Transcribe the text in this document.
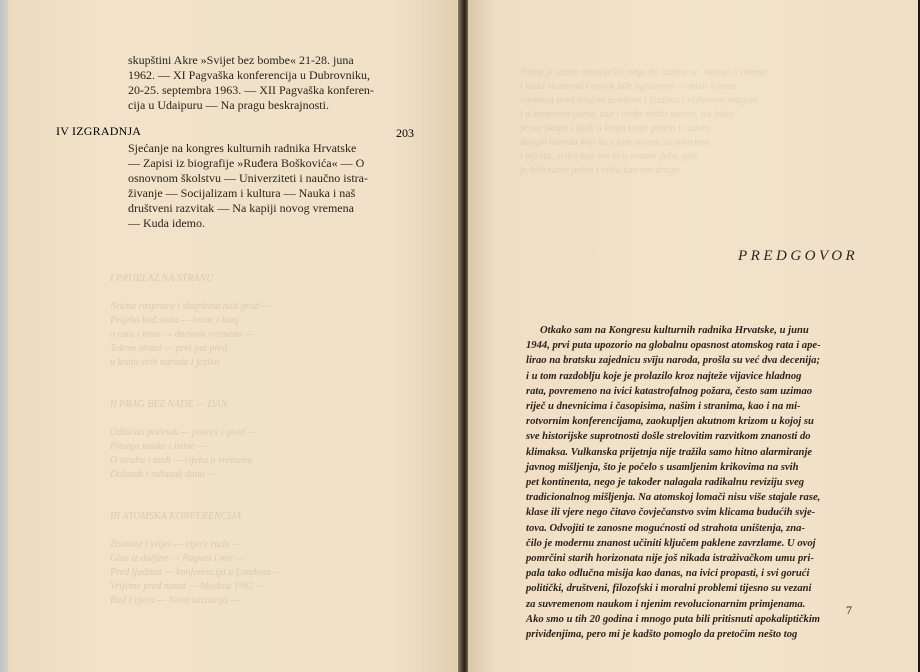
skupštini Akre »Svijet bez bombe« 21-28. juna
1962. — XI Pagvaška konferencija u Dubrovniku,
20-25. septembra 1963. — XII Pagvaška konferen-
cija u Udaipuru — Na pragu beskrajnosti.
IV IZGRADNJA	203
Sjećanje na kongres kulturnih radnika Hrvatske
— Zapisi iz biografije »Ruđera Boškovića« — O
osnovnom školstvu — Univerziteti i naučno istra-
živanje — Socijalizam i kultura — Nauka i naš
društveni razvitak — Na kapiji novog vremena
— Kuda idemo.
Treba je zaista nasmiješiti nego mi naziva se, mnogo o ovome
i kada su imena i uvijek bile uglavnom — misli o tome
vremena pred svojom zemljom i ljudima i njihovom snagom
i u konferencijama, sad i ovdje među sobom, tek kako
je sve skupa i ljudi u kraju svoje putem i radom
drugih naroda koji su u tom svijetu sa stvarima
i mjesta, svijet kao sve to u ovome dobu gdje
je bilo samo jedno i ništa kao sve drugo
PREDGOVOR
Otkako sam na Kongresu kulturnih radnika Hrvatske, u junu
1944, prvi puta upozorio na globalnu opasnost atomskog rata i ape-
lirao na bratsku zajednicu svīju naroda, prošla su već dva decenija;
i u tom razdoblju koje je prolazilo kroz najteže vijavice hladnog
rata, povremeno na ivici katastrofalnog požara, često sam uzimao
riječ u dnevnicima i časopisima, našim i stranima, kao i na mi-
rotvornim konferencijama, zaokupljen akutnom krizom u kojoj su
sve historijske suprotnosti došle strelovitim razvitkom znanosti do
klimaksa. Vulkanska prijetnja nije tražila samo hitno alarmiranje
javnog mišljenja, što je počelo s usamljenim krikovima na svih
pet kontinenta, nego je također nalagala radikalnu reviziju sveg
tradicionalnog mišljenja. Na atomskoj lomači nisu više stajale rase,
klase ili vjere nego čitavo čovječanstvo svim klicama budućih svje-
tova. Odvojiti te zanosne mogućnosti od strahota uništenja, zna-
čilo je modernu znanost učiniti ključem paklene zavrzlame. U ovoj
pomrčini starih horizonata nije još nikada istraživačkom umu pri-
pala tako odlučna misija kao danas, na ivici propasti, i svi gorući
politički, društveni, filozofski i moralni problemi tijesno su vezani
za suvremenom naukom i njenim revolucionarnim primjenama.
Ako smo u tih 20 godina i mnogo puta bili pritisnuti apokaliptičkim
priviđenjima, pero mi je kadšto pomoglo da pretočim nešto tog
7
